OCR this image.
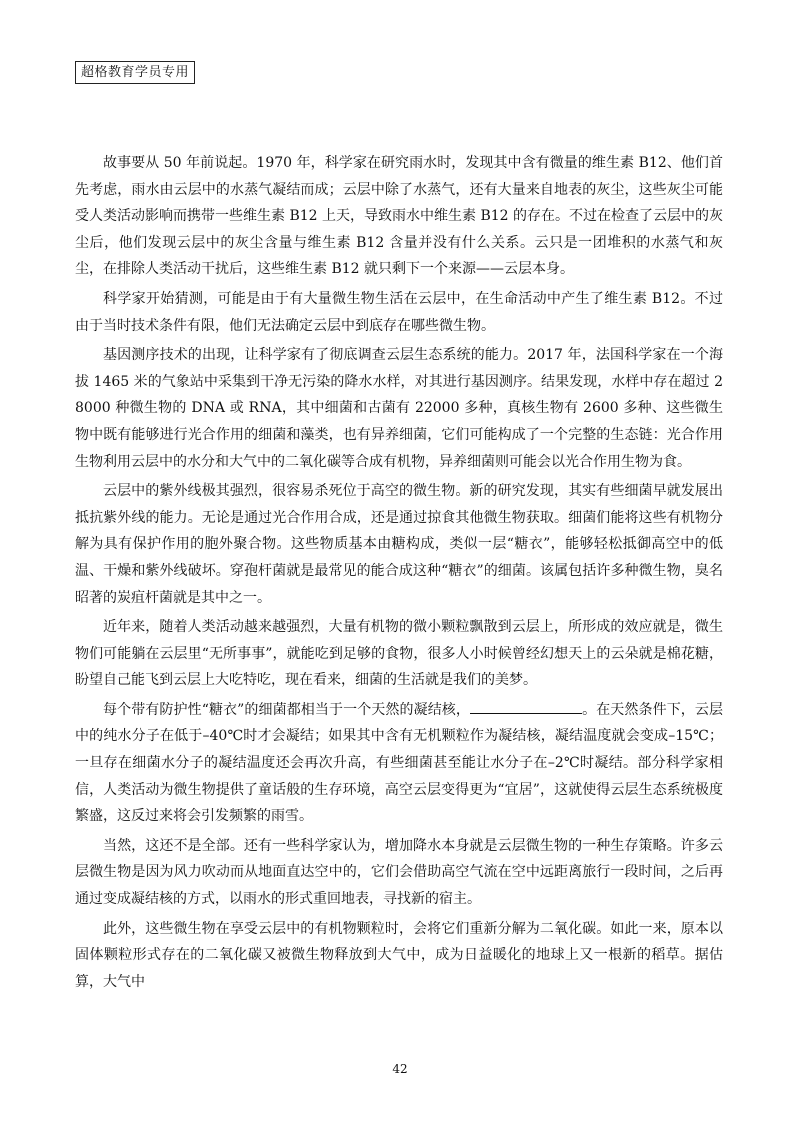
超格教育学员专用

故事要从 50 年前说起。1970 年，科学家在研究雨水时，发现其中含有微量的维生素 B12、他们首先考虑，雨水由云层中的水蒸气凝结而成；云层中除了水蒸气，还有大量来自地表的灰尘，这些灰尘可能受人类活动影响而携带一些维生素 B12 上天，导致雨水中维生素 B12 的存在。不过在检查了云层中的灰尘后，他们发现云层中的灰尘含量与维生素 B12 含量并没有什么关系。云只是一团堆积的水蒸气和灰尘，在排除人类活动干扰后，这些维生素 B12 就只剩下一个来源——云层本身。

科学家开始猜测，可能是由于有大量微生物生活在云层中，在生命活动中产生了维生素 B12。不过由于当时技术条件有限，他们无法确定云层中到底存在哪些微生物。

基因测序技术的出现，让科学家有了彻底调查云层生态系统的能力。2017 年，法国科学家在一个海拔 1465 米的气象站中采集到干净无污染的降水水样，对其进行基因测序。结果发现，水样中存在超过 28000 种微生物的 DNA 或 RNA，其中细菌和古菌有 22000 多种，真核生物有 2600 多种、这些微生物中既有能够进行光合作用的细菌和藻类，也有异养细菌，它们可能构成了一个完整的生态链：光合作用生物利用云层中的水分和大气中的二氧化碳等合成有机物，异养细菌则可能会以光合作用生物为食。

云层中的紫外线极其强烈，很容易杀死位于高空的微生物。新的研究发现，其实有些细菌早就发展出抵抗紫外线的能力。无论是通过光合作用合成，还是通过掠食其他微生物获取。细菌们能将这些有机物分解为具有保护作用的胞外聚合物。这些物质基本由糖构成，类似一层“糖衣”，能够轻松抵御高空中的低温、干燥和紫外线破坏。穿孢杆菌就是最常见的能合成这种“糖衣”的细菌。该属包括许多种微生物，臭名昭著的炭疽杆菌就是其中之一。

近年来，随着人类活动越来越强烈，大量有机物的微小颗粒飘散到云层上，所形成的效应就是，微生物们可能躺在云层里“无所事事”，就能吃到足够的食物，很多人小时候曾经幻想天上的云朵就是棉花糖，盼望自己能飞到云层上大吃特吃，现在看来，细菌的生活就是我们的美梦。

每个带有防护性“糖衣”的细菌都相当于一个天然的凝结核，	。在天然条件下，云层中的纯水分子在低于–40℃时才会凝结；如果其中含有无机颗粒作为凝结核，凝结温度就会变成–15℃；一旦存在细菌水分子的凝结温度还会再次升高，有些细菌甚至能让水分子在–2℃时凝结。部分科学家相信，人类活动为微生物提供了童话般的生存环境，高空云层变得更为“宜居”，这就使得云层生态系统极度繁盛，这反过来将会引发频繁的雨雪。

当然，这还不是全部。还有一些科学家认为，增加降水本身就是云层微生物的一种生存策略。许多云层微生物是因为风力吹动而从地面直达空中的，它们会借助高空气流在空中远距离旅行一段时间，之后再通过变成凝结核的方式，以雨水的形式重回地表，寻找新的宿主。

此外，这些微生物在享受云层中的有机物颗粒时，会将它们重新分解为二氧化碳。如此一来，原本以固体颗粒形式存在的二氧化碳又被微生物释放到大气中，成为日益暖化的地球上又一根新的稻草。据估算，大气中

42
